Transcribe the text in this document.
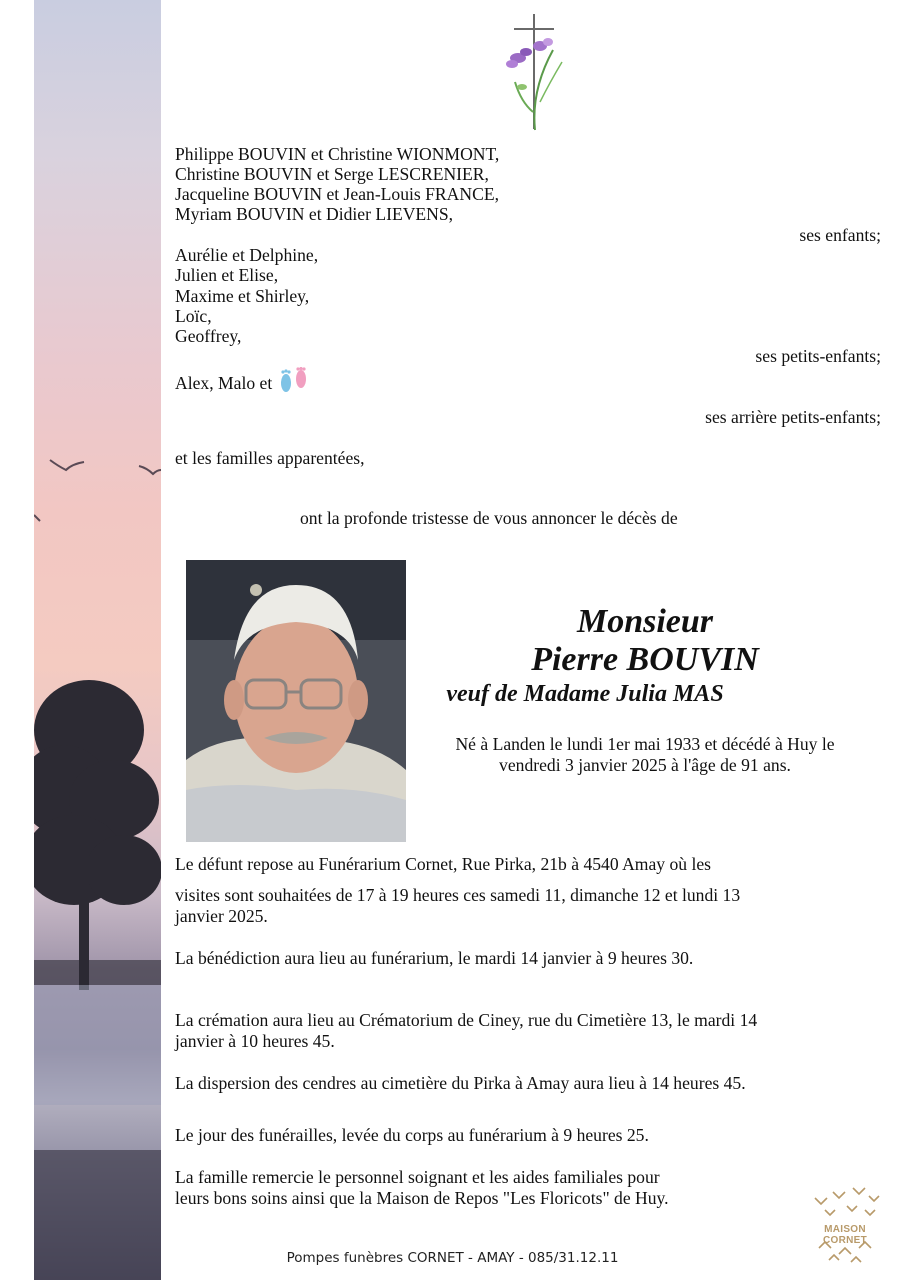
Philippe BOUVIN et Christine WIONMONT,
Christine BOUVIN et Serge LESCRENIER,
Jacqueline BOUVIN et Jean-Louis FRANCE,
Myriam BOUVIN et Didier LIEVENS,
ses enfants;
Aurélie et Delphine,
Julien et Elise,
Maxime et Shirley,
Loïc,
Geoffrey,
ses petits-enfants;
Alex, Malo et
ses arrière petits-enfants;
et les familles apparentées,
ont la profonde tristesse de vous annoncer le décès de
Monsieur
Pierre BOUVIN
veuf de Madame Julia MAS
Né à Landen le lundi 1er mai 1933 et décédé à Huy le
vendredi 3 janvier 2025 à l'âge de 91 ans.
Le défunt repose au Funérarium Cornet, Rue Pirka, 21b à 4540 Amay où les
visites sont souhaitées de 17 à 19 heures ces samedi 11, dimanche 12 et lundi 13
janvier 2025.
La bénédiction aura lieu au funérarium, le mardi 14 janvier à 9 heures 30.
La crémation aura lieu au Crématorium de Ciney, rue du Cimetière 13, le mardi 14
janvier à 10 heures 45.
La dispersion des cendres au cimetière du Pirka à Amay aura lieu à 14 heures 45.
Le jour des funérailles, levée du corps au funérarium à 9 heures 25.
La famille remercie le personnel soignant et les aides familiales pour
leurs bons soins ainsi que la Maison de Repos "Les Floricots" de Huy.
MAISON CORNET
Pompes funèbres CORNET - AMAY - 085/31.12.11
